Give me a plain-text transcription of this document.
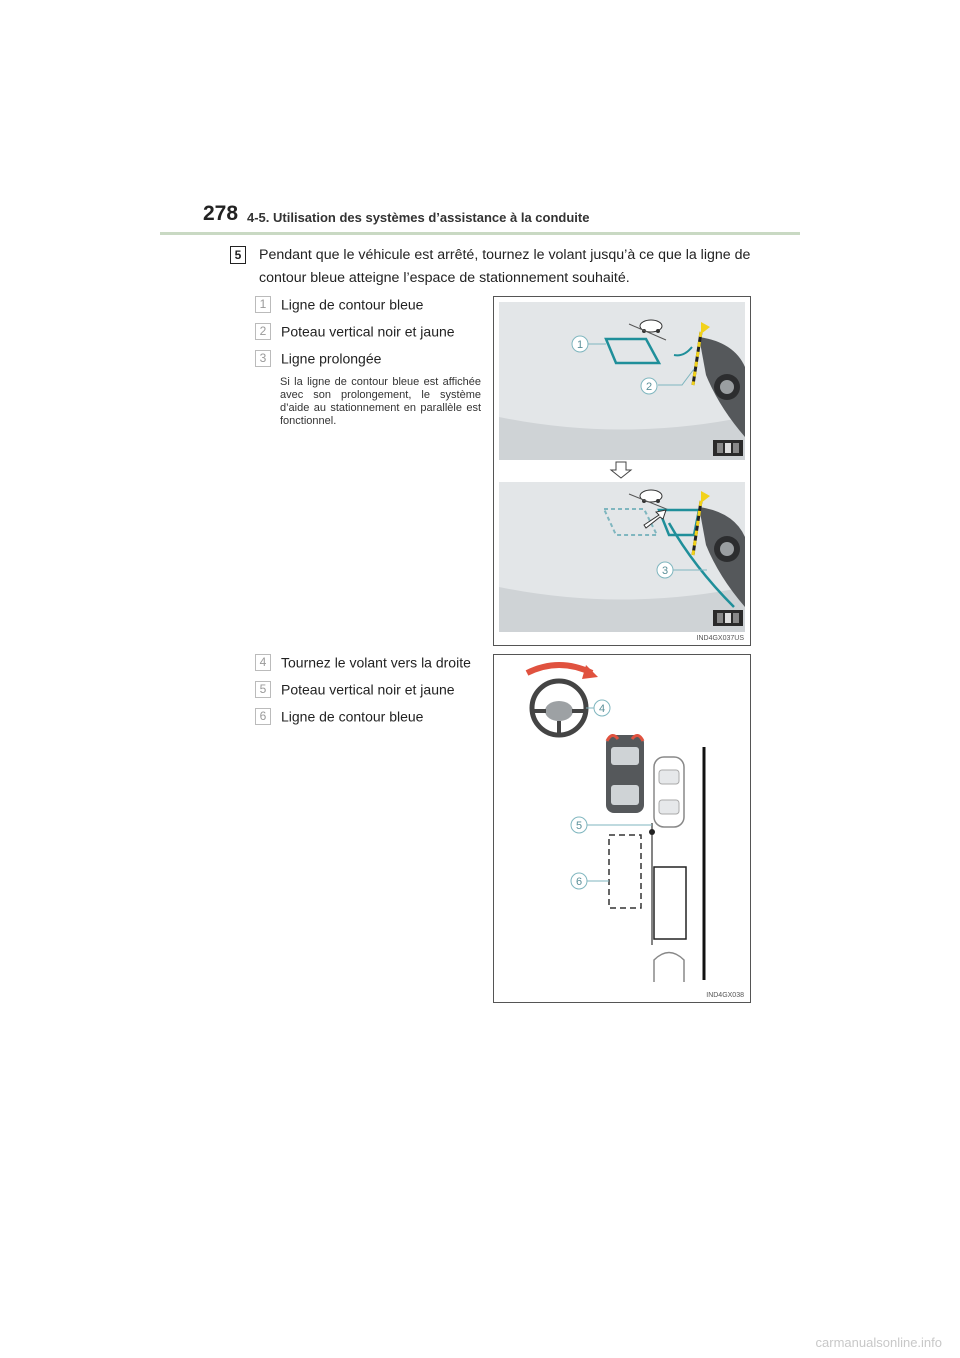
278 4-5. Utilisation des systèmes d’assistance à la conduite
5	Pendant que le véhicule est arrêté, tournez le volant jusqu’à ce que la ligne de contour bleue atteigne l’espace de stationnement souhaité.
1 Ligne de contour bleue
2 Poteau vertical noir et jaune
3 Ligne prolongée
Si la ligne de contour bleue est affichée avec son prolongement, le système d’aide au stationnement en parallèle est fonctionnel.
1
2
3
IND4GX037US
4 Tournez le volant vers la droite
5 Poteau vertical noir et jaune
6 Ligne de contour bleue	4
5
6
IND4GX038
carmanualsonline.info
